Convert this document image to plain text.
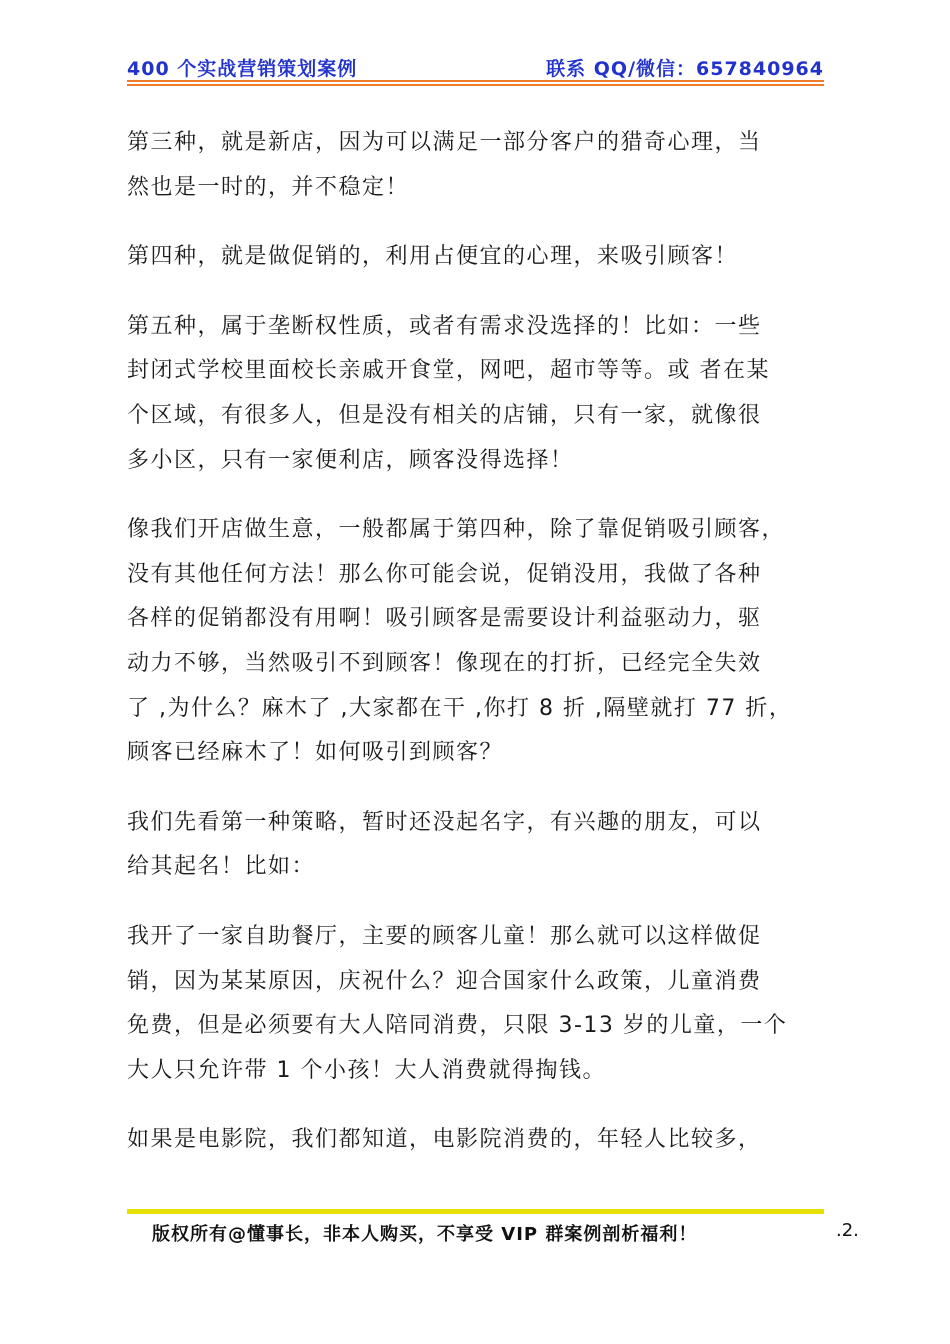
400 个实战营销策划案例	联系 QQ/微信：657840964

第三种，就是新店，因为可以满足一部分客户的猎奇心理，当
然也是一时的，并不稳定！

第四种，就是做促销的，利用占便宜的心理，来吸引顾客！

第五种，属于垄断权性质，或者有需求没选择的！比如：一些
封闭式学校里面校长亲戚开食堂，网吧，超市等等。或 者在某
个区域，有很多人，但是没有相关的店铺，只有一家，就像很
多小区，只有一家便利店，顾客没得选择！

像我们开店做生意，一般都属于第四种，除了靠促销吸引顾客，
没有其他任何方法！那么你可能会说，促销没用，我做了各种
各样的促销都没有用啊！吸引顾客是需要设计利益驱动力，驱
动力不够，当然吸引不到顾客！像现在的打折，已经完全失效
了 ,为什么？麻木了 ,大家都在干 ,你打 8 折 ,隔壁就打 77 折，
顾客已经麻木了！如何吸引到顾客？

我们先看第一种策略，暂时还没起名字，有兴趣的朋友，可以
给其起名！比如：

我开了一家自助餐厅，主要的顾客儿童！那么就可以这样做促
销，因为某某原因，庆祝什么？迎合国家什么政策，儿童消费
免费，但是必须要有大人陪同消费，只限 3-13 岁的儿童，一个
大人只允许带 1 个小孩！大人消费就得掏钱。

如果是电影院，我们都知道，电影院消费的，年轻人比较多，

版权所有@懂事长，非本人购买，不享受 VIP 群案例剖析福利！	.2.
